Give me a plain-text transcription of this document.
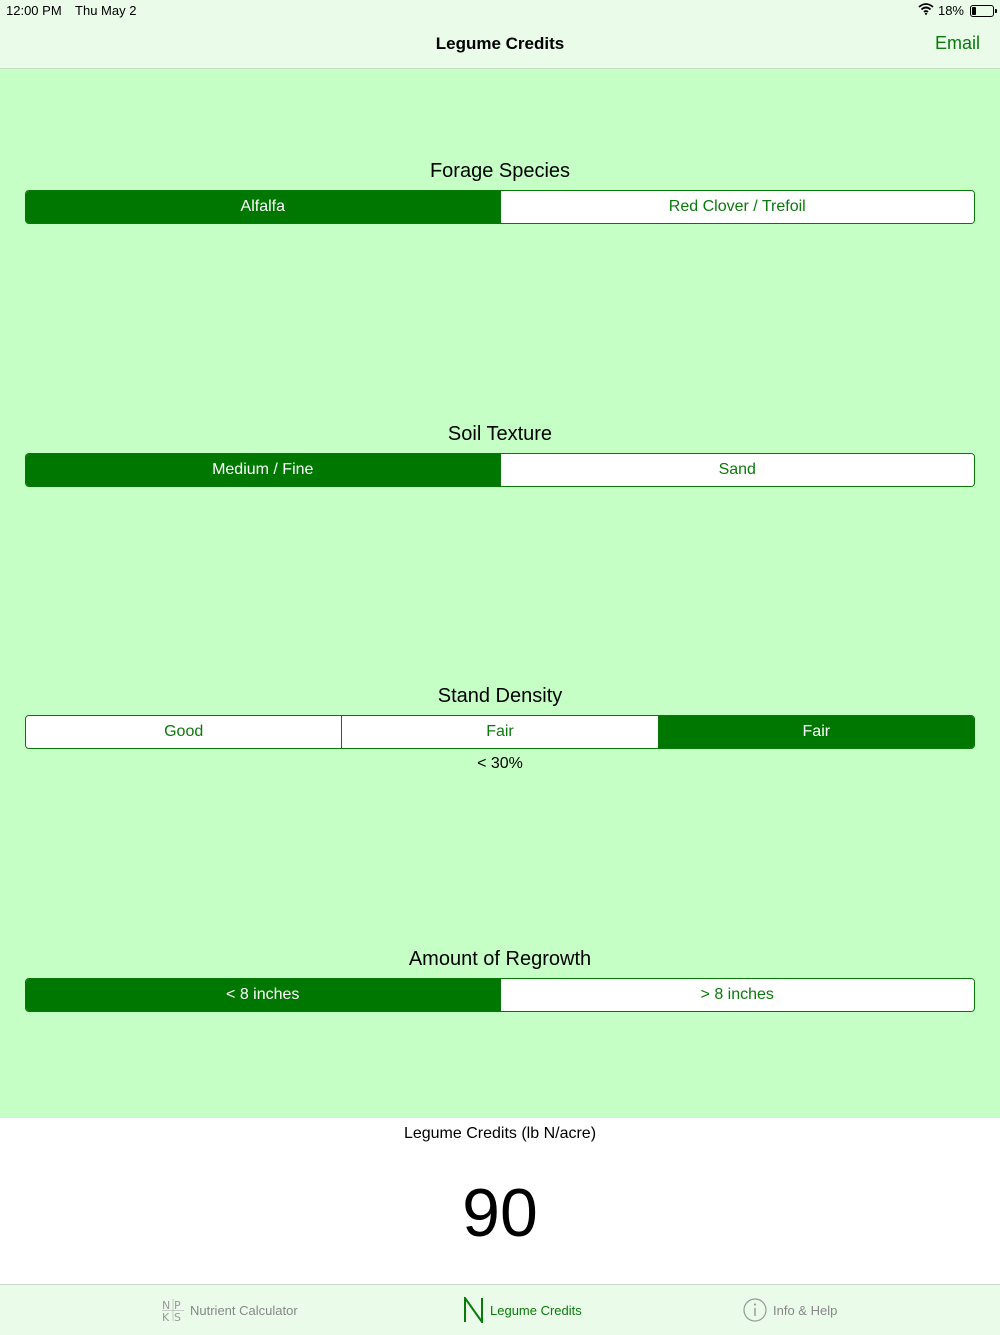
12:00 PM Thu May 2	18%
Legume Credits	Email
Forage Species
Alfalfa	Red Clover / Trefoil
Soil Texture
Medium / Fine	Sand
Stand Density
Good	Fair	Fair
< 30%
Amount of Regrowth
< 8 inches	> 8 inches
Legume Credits (lb N/acre)
90
N P
K S Nutrient Calculator	Legume Credits	Info & Help
